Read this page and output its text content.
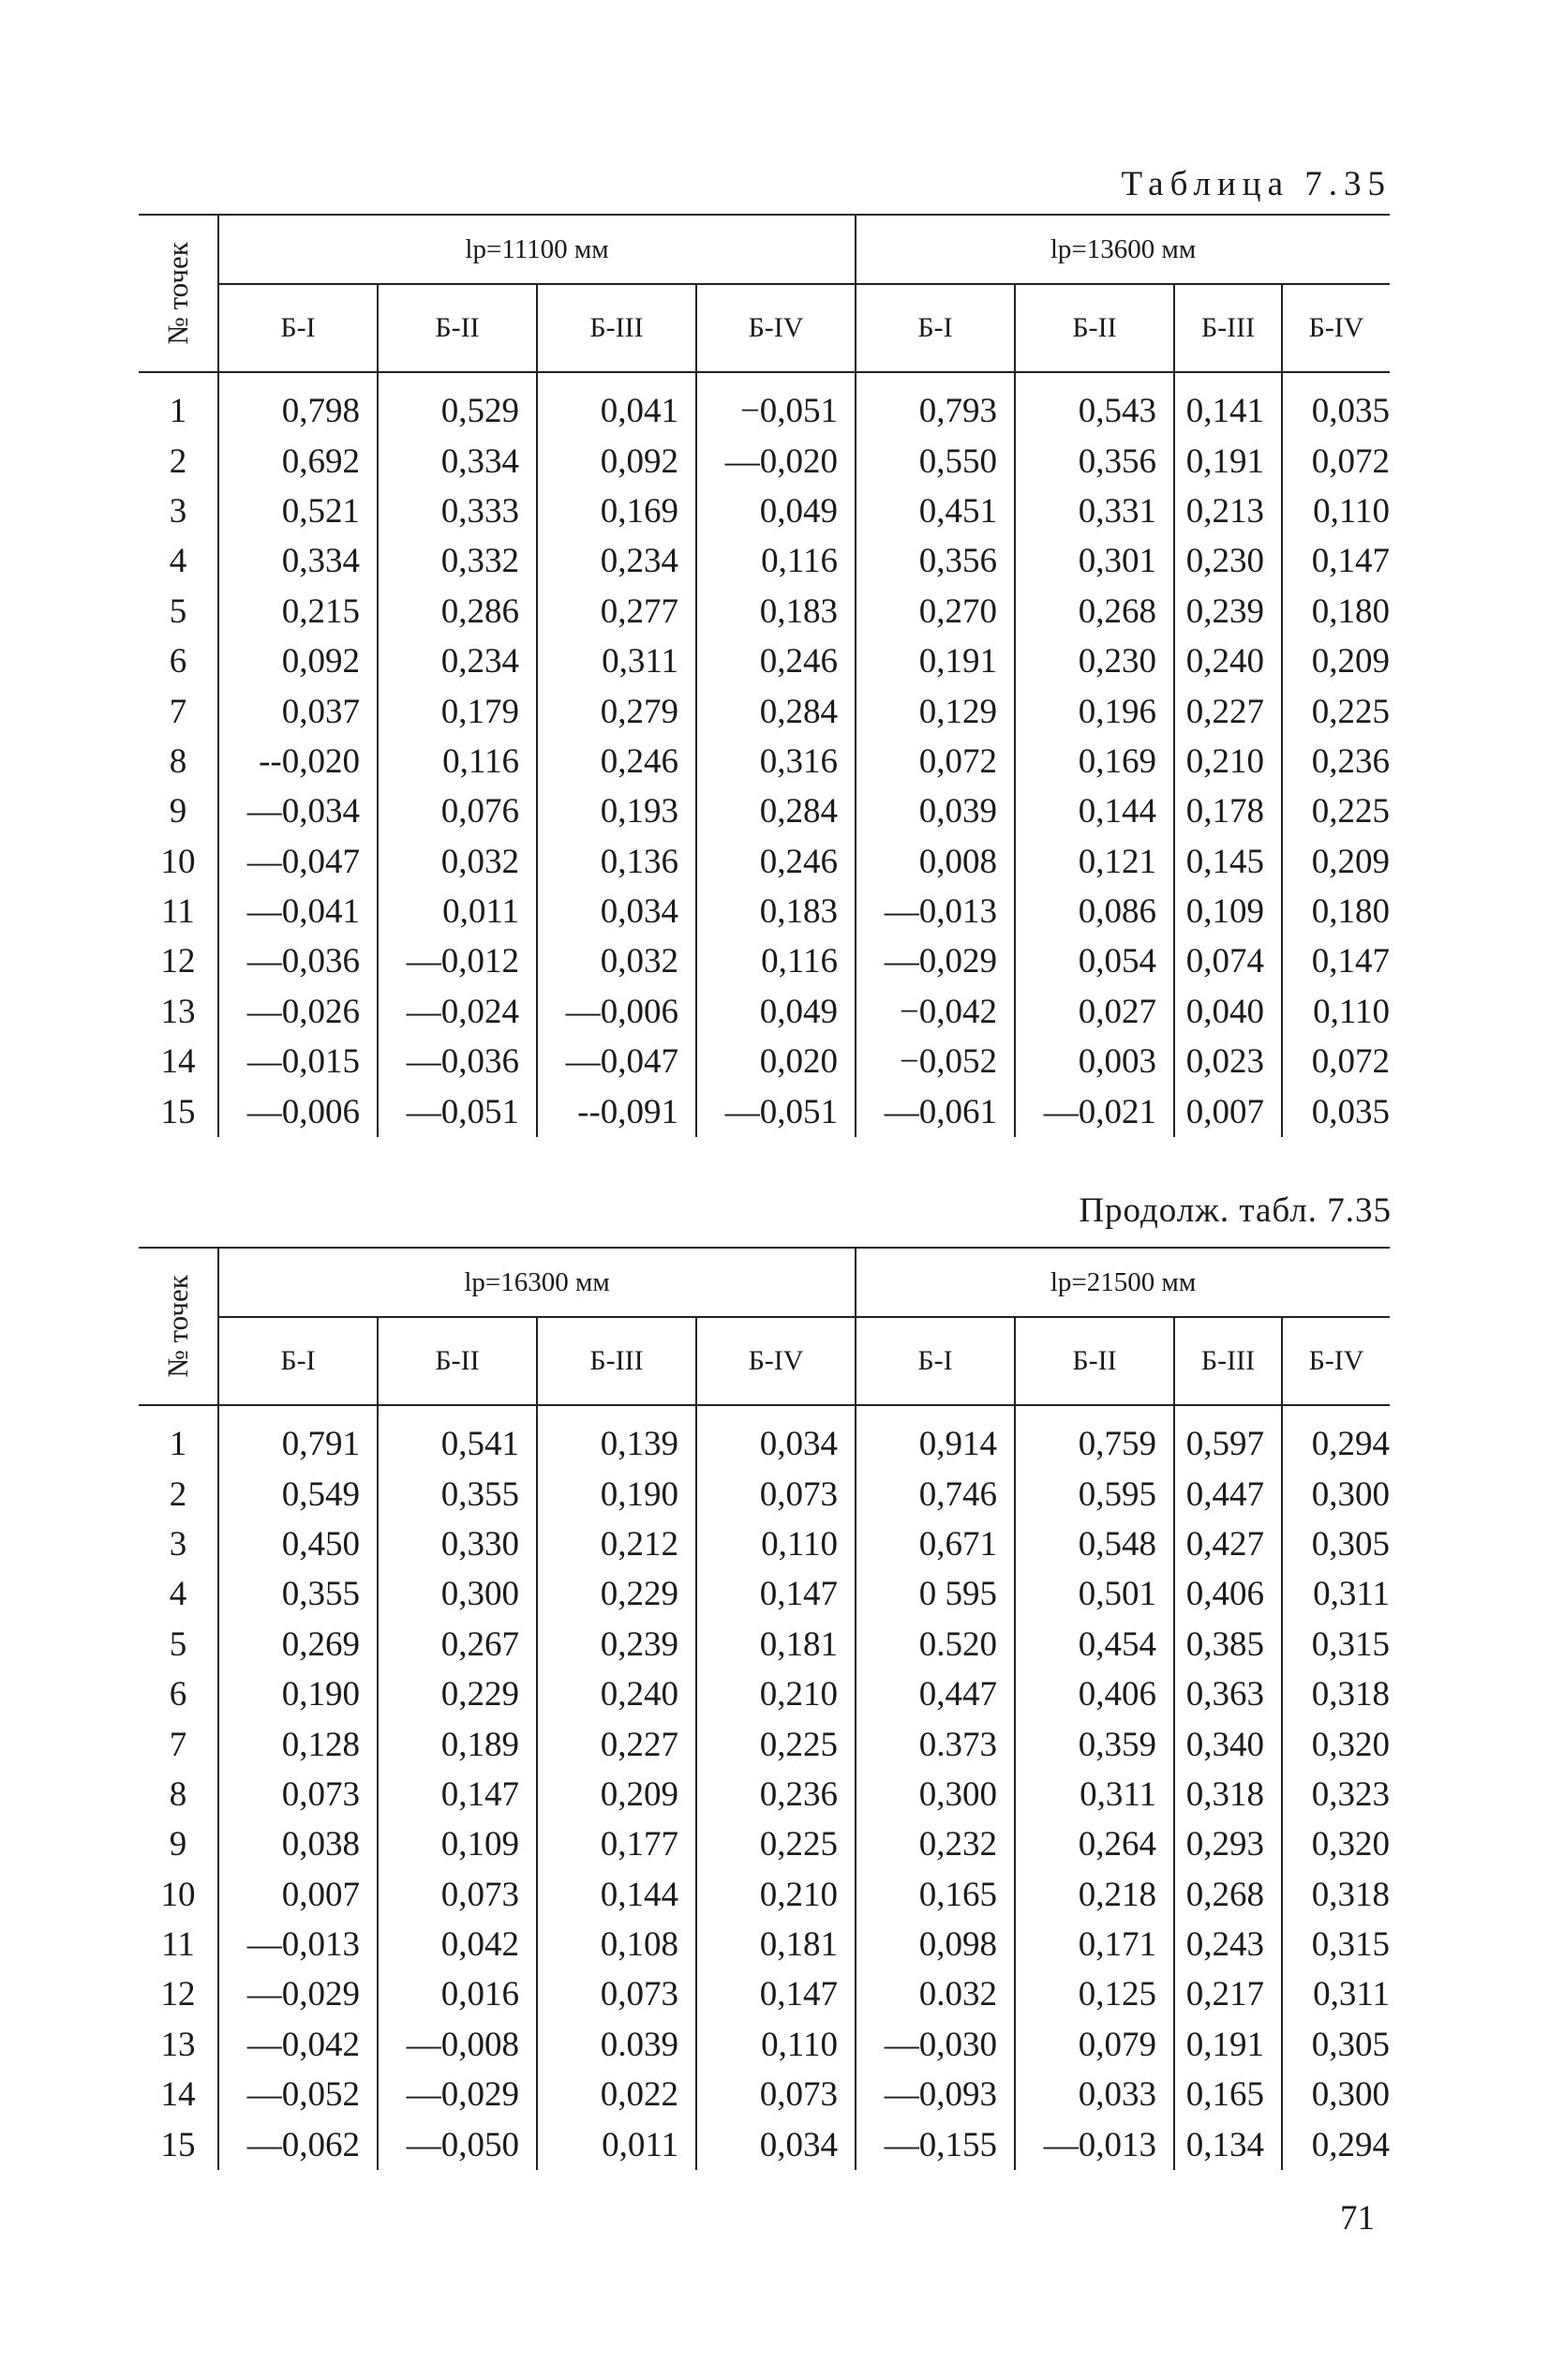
Таблица 7.35
№ точек	lр=11100 мм				lр=13600 мм			
	Б-I	Б-II	Б-III	Б-IV	Б-I	Б-II	Б-III	Б-IV
1	0,798	0,529	0,041	−0,051	0,793	0,543	0,141	0,035
2	0,692	0,334	0,092	—0,020	0,550	0,356	0,191	0,072
3	0,521	0,333	0,169	0,049	0,451	0,331	0,213	0,110
4	0,334	0,332	0,234	0,116	0,356	0,301	0,230	0,147
5	0,215	0,286	0,277	0,183	0,270	0,268	0,239	0,180
6	0,092	0,234	0,311	0,246	0,191	0,230	0,240	0,209
7	0,037	0,179	0,279	0,284	0,129	0,196	0,227	0,225
8	--0,020	0,116	0,246	0,316	0,072	0,169	0,210	0,236
9	—0,034	0,076	0,193	0,284	0,039	0,144	0,178	0,225
10	—0,047	0,032	0,136	0,246	0,008	0,121	0,145	0,209
11	—0,041	0,011	0,034	0,183	—0,013	0,086	0,109	0,180
12	—0,036	—0,012	0,032	0,116	—0,029	0,054	0,074	0,147
13	—0,026	—0,024	—0,006	0,049	−0,042	0,027	0,040	0,110
14	—0,015	—0,036	—0,047	0,020	−0,052	0,003	0,023	0,072
15	—0,006	—0,051	--0,091	—0,051	—0,061	—0,021	0,007	0,035
Продолж. табл. 7.35
№ точек	lр=16300 мм				lр=21500 мм			
	Б-I	Б-II	Б-III	Б-IV	Б-I	Б-II	Б-III	Б-IV
1	0,791	0,541	0,139	0,034	0,914	0,759	0,597	0,294
2	0,549	0,355	0,190	0,073	0,746	0,595	0,447	0,300
3	0,450	0,330	0,212	0,110	0,671	0,548	0,427	0,305
4	0,355	0,300	0,229	0,147	0 595	0,501	0,406	0,311
5	0,269	0,267	0,239	0,181	0.520	0,454	0,385	0,315
6	0,190	0,229	0,240	0,210	0,447	0,406	0,363	0,318
7	0,128	0,189	0,227	0,225	0.373	0,359	0,340	0,320
8	0,073	0,147	0,209	0,236	0,300	0,311	0,318	0,323
9	0,038	0,109	0,177	0,225	0,232	0,264	0,293	0,320
10	0,007	0,073	0,144	0,210	0,165	0,218	0,268	0,318
11	—0,013	0,042	0,108	0,181	0,098	0,171	0,243	0,315
12	—0,029	0,016	0,073	0,147	0.032	0,125	0,217	0,311
13	—0,042	—0,008	0.039	0,110	—0,030	0,079	0,191	0,305
14	—0,052	—0,029	0,022	0,073	—0,093	0,033	0,165	0,300
15	—0,062	—0,050	0,011	0,034	—0,155	—0,013	0,134	0,294
71
